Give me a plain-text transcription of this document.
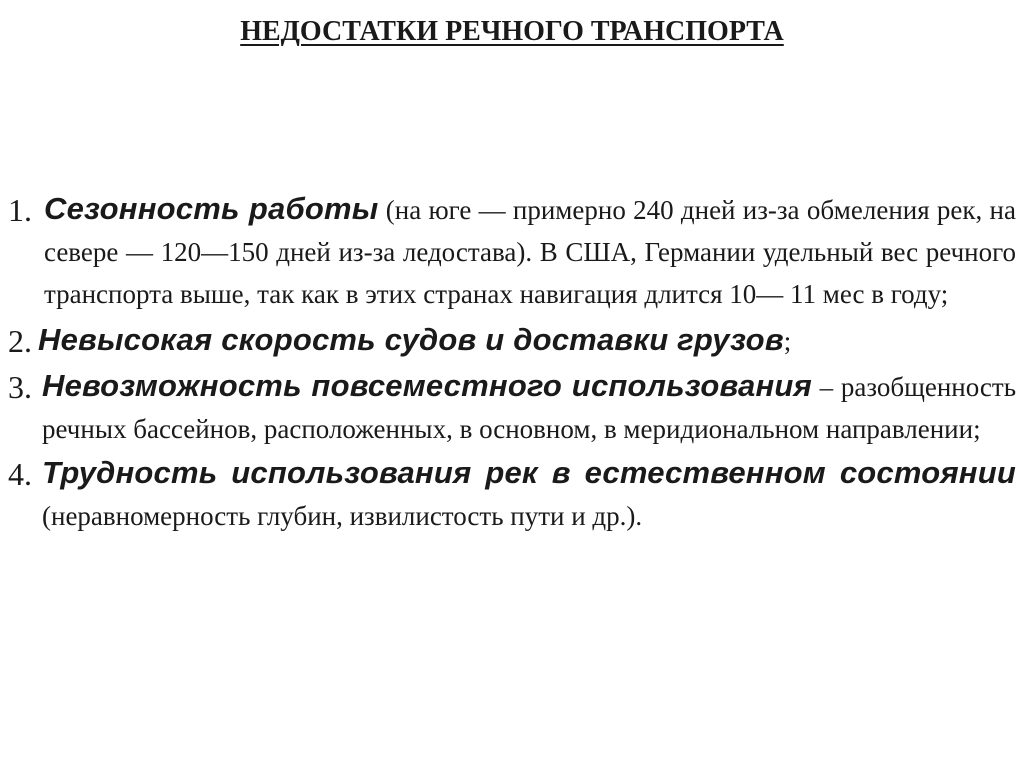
НЕДОСТАТКИ РЕЧНОГО ТРАНСПОРТА
1. Сезонность работы (на юге — примерно 240 дней из-за обмеления рек, на севере — 120—150 дней из-за ледостава). В США, Германии удельный вес речного транспорта выше, так как в этих странах навигация длится 10— 11 мес в году;
2. Невысокая скорость судов и доставки грузов;
3. Невозможность повсеместного использования – разобщенность речных бассейнов, расположенных, в основном, в меридиональном направлении;
4. Трудность использования рек в естественном состоянии (неравномерность глубин, извилистость пути и др.).
